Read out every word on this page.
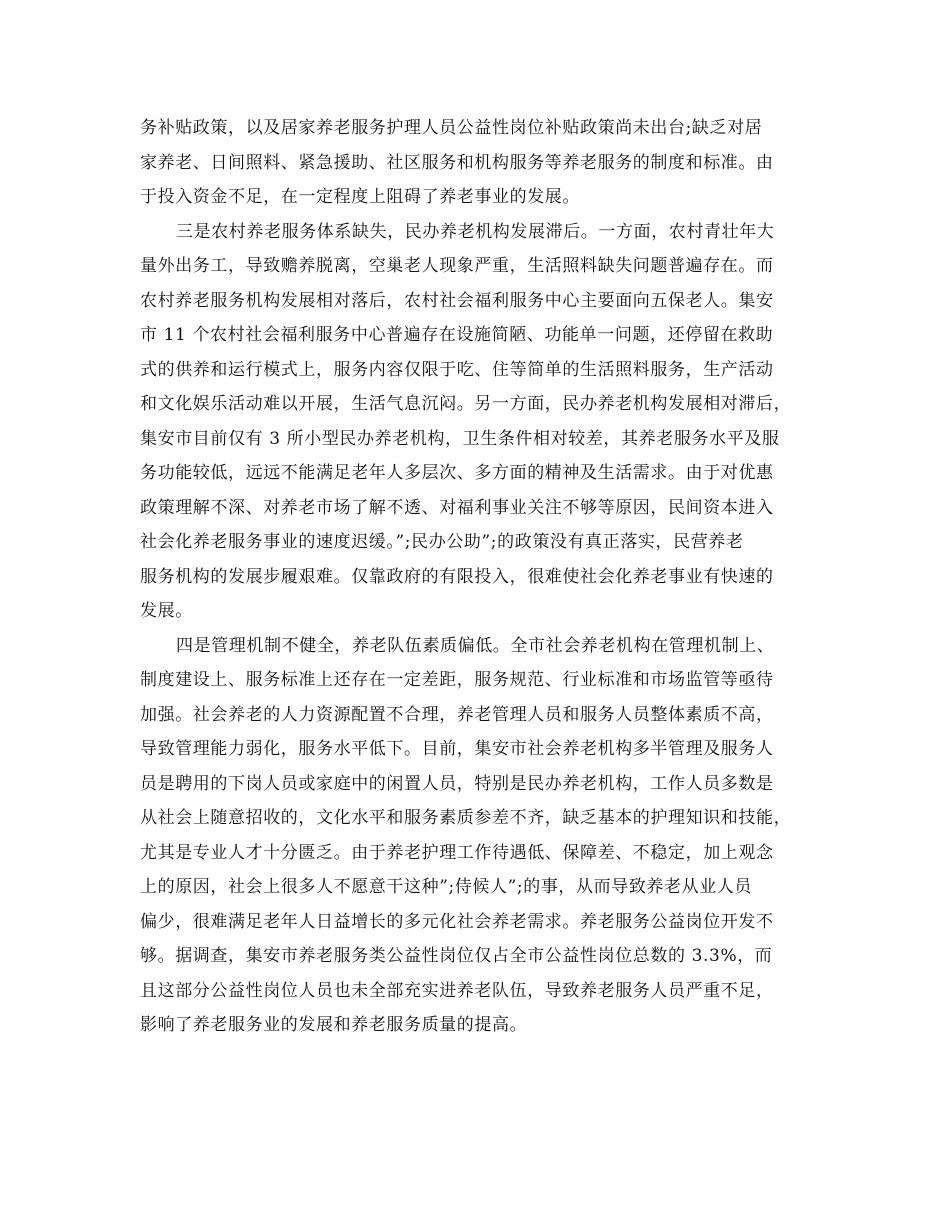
务补贴政策，以及居家养老服务护理人员公益性岗位补贴政策尚未出台;缺乏对居
家养老、日间照料、紧急援助、社区服务和机构服务等养老服务的制度和标准。由
于投入资金不足，在一定程度上阻碍了养老事业的发展。
三是农村养老服务体系缺失，民办养老机构发展滞后。一方面，农村青壮年大
量外出务工，导致赡养脱离，空巢老人现象严重，生活照料缺失问题普遍存在。而
农村养老服务机构发展相对落后，农村社会福利服务中心主要面向五保老人。集安
市 11 个农村社会福利服务中心普遍存在设施简陋、功能单一问题，还停留在救助
式的供养和运行模式上，服务内容仅限于吃、住等简单的生活照料服务，生产活动
和文化娱乐活动难以开展，生活气息沉闷。另一方面，民办养老机构发展相对滞后，
集安市目前仅有 3 所小型民办养老机构，卫生条件相对较差，其养老服务水平及服
务功能较低，远远不能满足老年人多层次、多方面的精神及生活需求。由于对优惠
政策理解不深、对养老市场了解不透、对福利事业关注不够等原因，民间资本进入
社会化养老服务事业的速度迟缓。”;民办公助”;的政策没有真正落实，民营养老
服务机构的发展步履艰难。仅靠政府的有限投入，很难使社会化养老事业有快速的
发展。
四是管理机制不健全，养老队伍素质偏低。全市社会养老机构在管理机制上、
制度建设上、服务标准上还存在一定差距，服务规范、行业标准和市场监管等亟待
加强。社会养老的人力资源配置不合理，养老管理人员和服务人员整体素质不高，
导致管理能力弱化，服务水平低下。目前，集安市社会养老机构多半管理及服务人
员是聘用的下岗人员或家庭中的闲置人员，特别是民办养老机构，工作人员多数是
从社会上随意招收的，文化水平和服务素质参差不齐，缺乏基本的护理知识和技能，
尤其是专业人才十分匮乏。由于养老护理工作待遇低、保障差、不稳定，加上观念
上的原因，社会上很多人不愿意干这种”;侍候人”;的事，从而导致养老从业人员
偏少，很难满足老年人日益增长的多元化社会养老需求。养老服务公益岗位开发不
够。据调查，集安市养老服务类公益性岗位仅占全市公益性岗位总数的 3.3%，而
且这部分公益性岗位人员也未全部充实进养老队伍，导致养老服务人员严重不足，
影响了养老服务业的发展和养老服务质量的提高。
